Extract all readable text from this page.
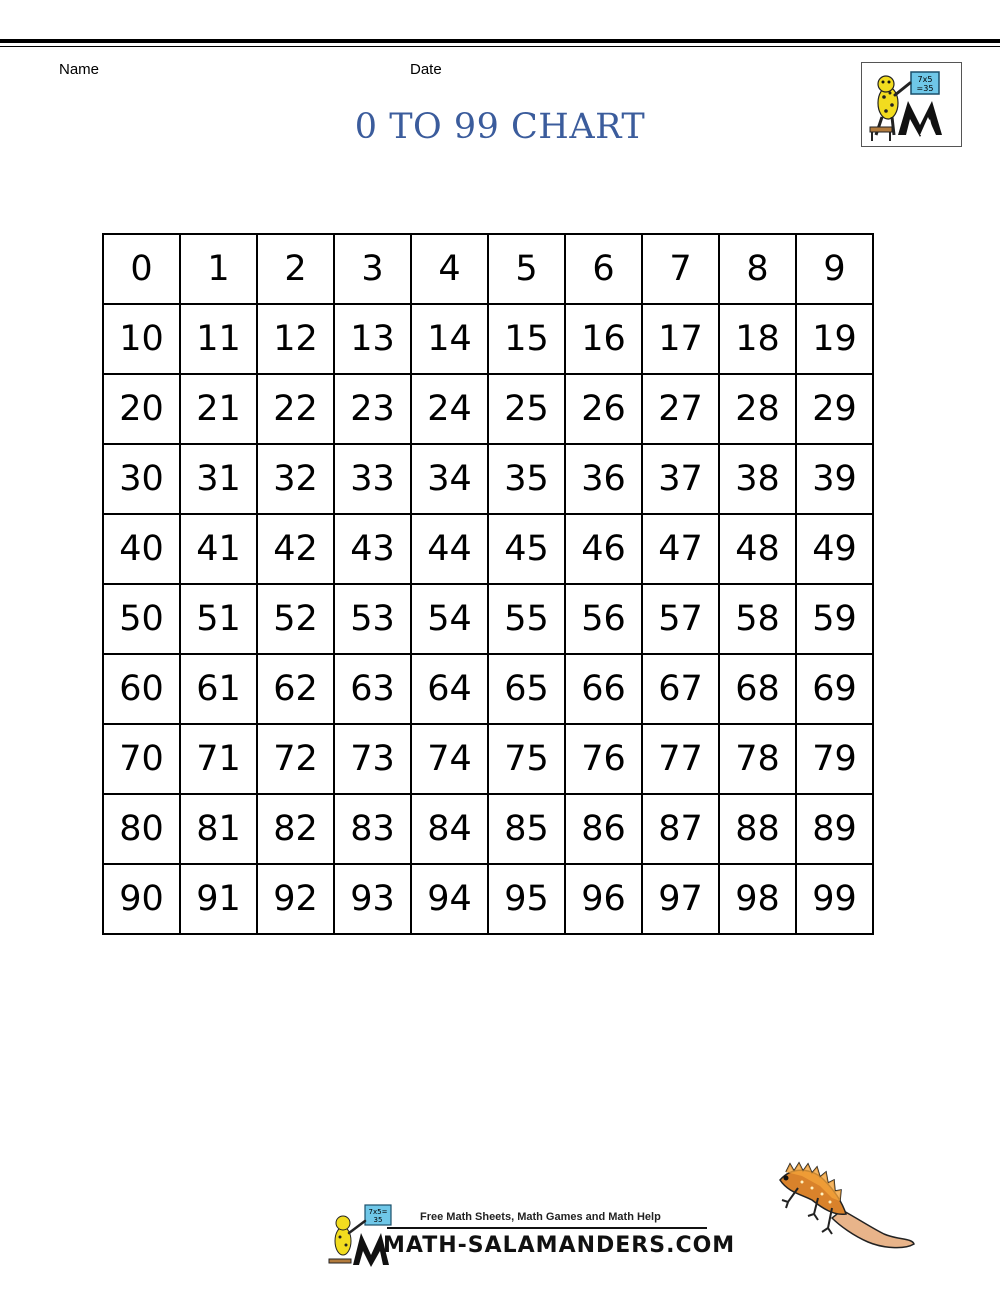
Name	Date
0 TO 99 CHART
7x5
=35
0	1	2	3	4	5	6	7	8	9
10	11	12	13	14	15	16	17	18	19
20	21	22	23	24	25	26	27	28	29
30	31	32	33	34	35	36	37	38	39
40	41	42	43	44	45	46	47	48	49
50	51	52	53	54	55	56	57	58	59
60	61	62	63	64	65	66	67	68	69
70	71	72	73	74	75	76	77	78	79
80	81	82	83	84	85	86	87	88	89
90	91	92	93	94	95	96	97	98	99
7x5=
35	Free Math Sheets, Math Games and Math Help
MATH-SALAMANDERS.COM
